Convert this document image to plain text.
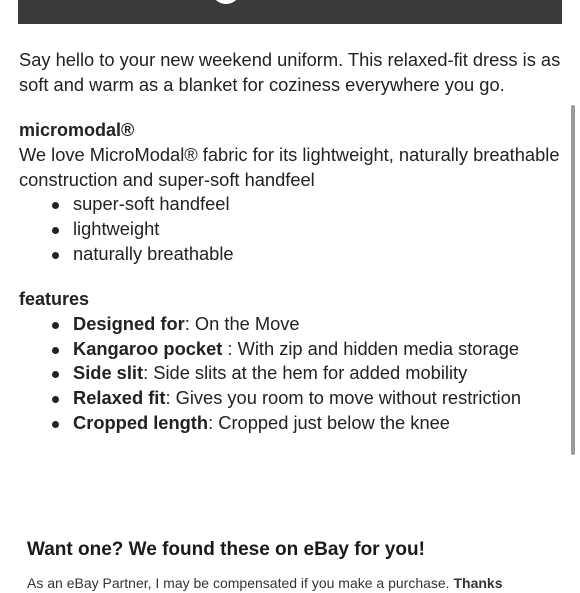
Say hello to your new weekend uniform. This relaxed-fit dress is as soft and warm as a blanket for coziness everywhere you go.

micromodal®

We love MicroModal® fabric for its lightweight, naturally breathable construction and super-soft handfeel

super-soft handfeel
lightweight
naturally breathable

features

Designed for: On the Move
Kangaroo pocket : With zip and hidden media storage
Side slit: Side slits at the hem for added mobility
Relaxed fit: Gives you room to move without restriction
Cropped length: Cropped just below the knee

Want one? We found these on eBay for you!

As an eBay Partner, I may be compensated if you make a purchase. Thanks
